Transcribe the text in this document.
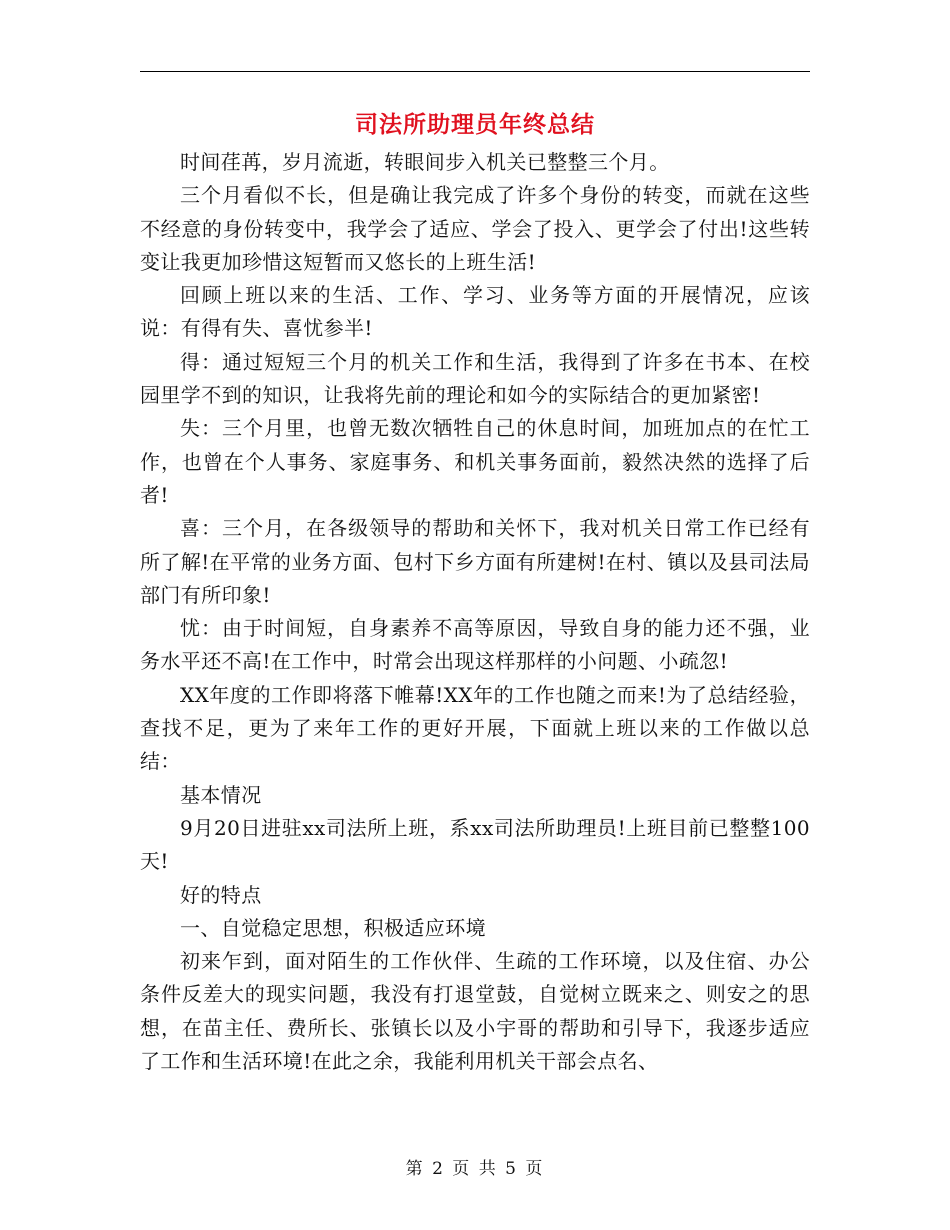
司法所助理员年终总结

时间荏苒，岁月流逝，转眼间步入机关已整整三个月。

三个月看似不长，但是确让我完成了许多个身份的转变，而就在这些不经意的身份转变中，我学会了适应、学会了投入、更学会了付出!这些转变让我更加珍惜这短暂而又悠长的上班生活!

回顾上班以来的生活、工作、学习、业务等方面的开展情况，应该说：有得有失、喜忧参半!

得：通过短短三个月的机关工作和生活，我得到了许多在书本、在校园里学不到的知识，让我将先前的理论和如今的实际结合的更加紧密!

失：三个月里，也曾无数次牺牲自己的休息时间，加班加点的在忙工作，也曾在个人事务、家庭事务、和机关事务面前，毅然决然的选择了后者!

喜：三个月，在各级领导的帮助和关怀下，我对机关日常工作已经有所了解!在平常的业务方面、包村下乡方面有所建树!在村、镇以及县司法局部门有所印象!

忧：由于时间短，自身素养不高等原因，导致自身的能力还不强，业务水平还不高!在工作中，时常会出现这样那样的小问题、小疏忽!

XX年度的工作即将落下帷幕!XX年的工作也随之而来!为了总结经验，查找不足，更为了来年工作的更好开展，下面就上班以来的工作做以总结：

基本情况

9月20日进驻xx司法所上班，系xx司法所助理员!上班目前已整整100天!

好的特点

一、自觉稳定思想，积极适应环境

初来乍到，面对陌生的工作伙伴、生疏的工作环境，以及住宿、办公条件反差大的现实问题，我没有打退堂鼓，自觉树立既来之、则安之的思想，在苗主任、费所长、张镇长以及小宇哥的帮助和引导下，我逐步适应了工作和生活环境!在此之余，我能利用机关干部会点名、

第 2 页 共 5 页
